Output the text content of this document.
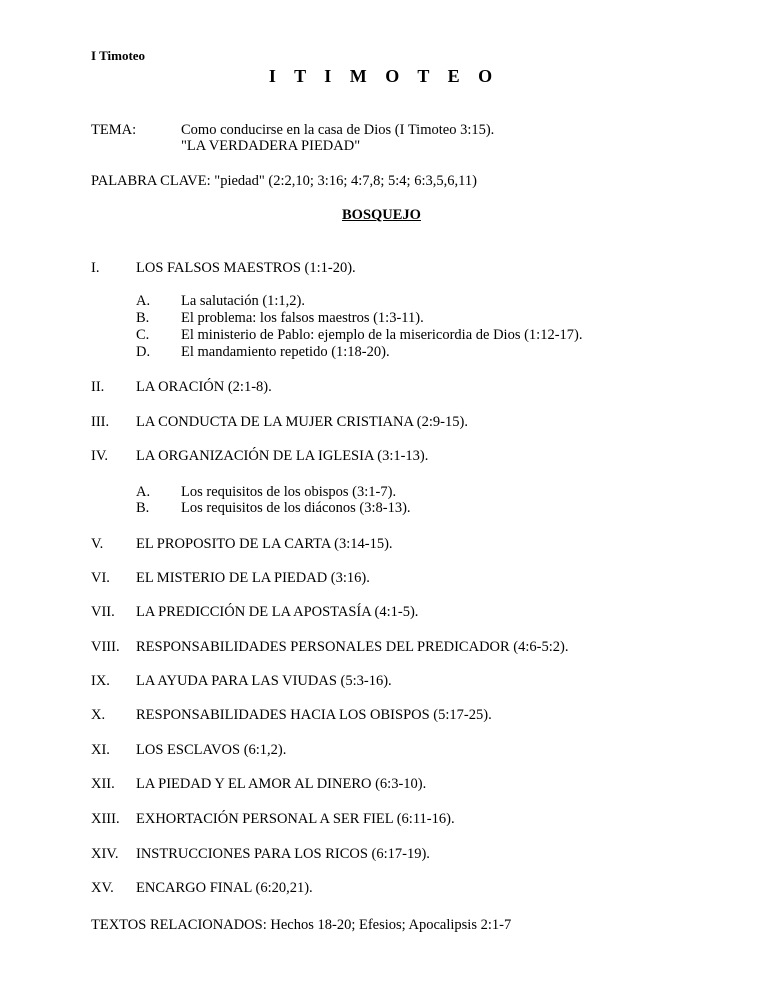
I Timoteo
I T I M O T E O
TEMA:	Como conducirse en la casa de Dios (I Timoteo 3:15).
"LA VERDADERA PIEDAD"
PALABRA CLAVE: "piedad" (2:2,10; 3:16; 4:7,8; 5:4; 6:3,5,6,11)
BOSQUEJO
I.	LOS FALSOS MAESTROS (1:1-20).
A. La salutación (1:1,2).
B. El problema: los falsos maestros (1:3-11).
C. El ministerio de Pablo: ejemplo de la misericordia de Dios (1:12-17).
D. El mandamiento repetido (1:18-20).
II. LA ORACIÓN (2:1-8).
III. LA CONDUCTA DE LA MUJER CRISTIANA (2:9-15).
IV. LA ORGANIZACIÓN DE LA IGLESIA (3:1-13).
A. Los requisitos de los obispos (3:1-7).
B. Los requisitos de los diáconos (3:8-13).
V. EL PROPOSITO DE LA CARTA (3:14-15).
VI. EL MISTERIO DE LA PIEDAD (3:16).
VII. LA PREDICCIÓN DE LA APOSTASÍA (4:1-5).
VIII. RESPONSABILIDADES PERSONALES DEL PREDICADOR (4:6-5:2).
IX. LA AYUDA PARA LAS VIUDAS (5:3-16).
X. RESPONSABILIDADES HACIA LOS OBISPOS (5:17-25).
XI. LOS ESCLAVOS (6:1,2).
XII. LA PIEDAD Y EL AMOR AL DINERO (6:3-10).
XIII. EXHORTACIÓN PERSONAL A SER FIEL (6:11-16).
XIV. INSTRUCCIONES PARA LOS RICOS (6:17-19).
XV. ENCARGO FINAL (6:20,21).
TEXTOS RELACIONADOS: Hechos 18-20; Efesios; Apocalipsis 2:1-7
